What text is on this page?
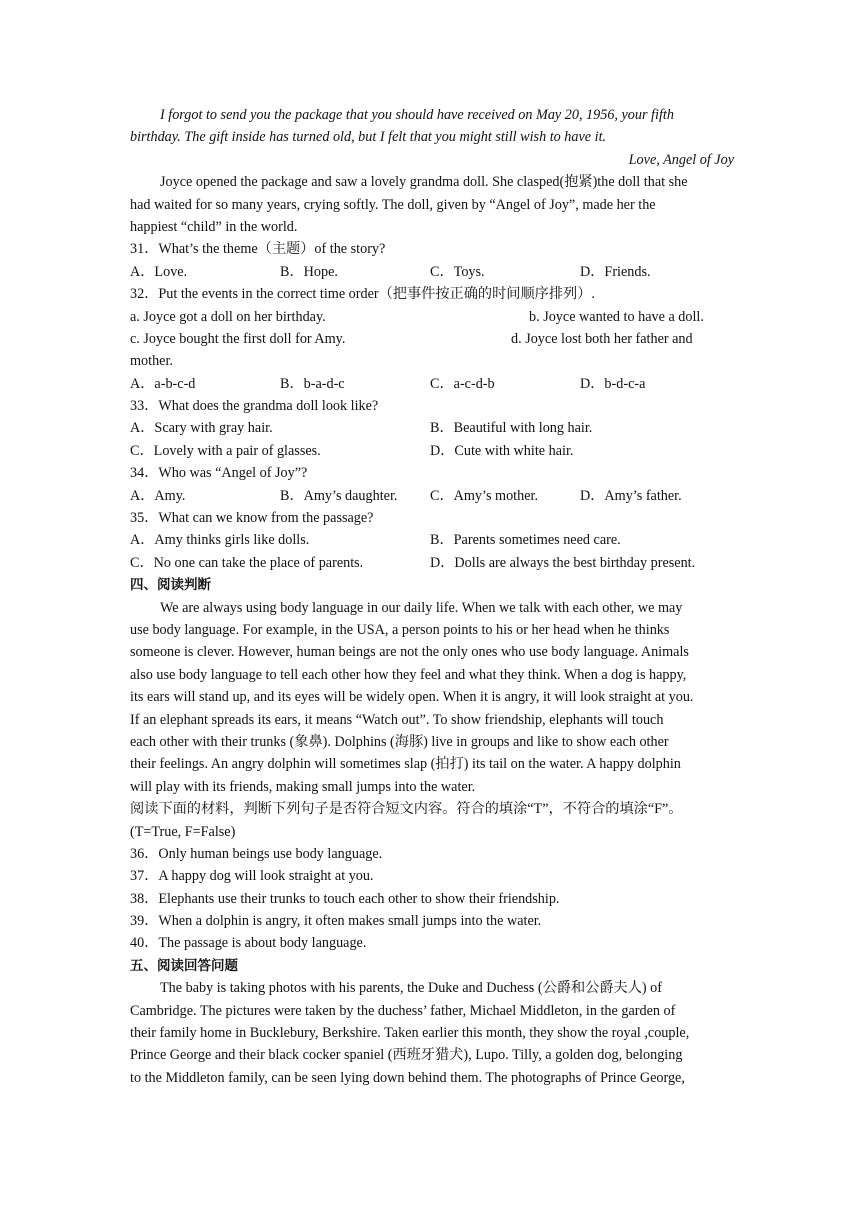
I forgot to send you the package that you should have received on May 20, 1956, your fifth
birthday. The gift inside has turned old, but I felt that you might still wish to have it.
Love, Angel of Joy
Joyce opened the package and saw a lovely grandma doll. She clasped(抱紧)the doll that she
had waited for so many years, crying softly. The doll, given by “Angel of Joy”, made her the
happiest “child” in the world.
31．What’s the theme（主题）of the story?
A．Love.	B．Hope.	C．Toys.	D．Friends.
32．Put the events in the correct time order（把事件按正确的时间顺序排列）.
a. Joyce got a doll on her birthday.	b. Joyce wanted to have a doll.
c. Joyce bought the first doll for Amy.	d. Joyce lost both her father and
mother.
A．a-b-c-d	B．b-a-d-c	C．a-c-d-b	D．b-d-c-a
33．What does the grandma doll look like?
A．Scary with gray hair.	B．Beautiful with long hair.
C．Lovely with a pair of glasses.	D．Cute with white hair.
34．Who was “Angel of Joy”?
A．Amy.	B．Amy’s daughter. C．Amy’s mother.	D．Amy’s father.
35．What can we know from the passage?
A．Amy thinks girls like dolls.	B．Parents sometimes need care.
C．No one can take the place of parents.	D．Dolls are always the best birthday present.
四、阅读判断
We are always using body language in our daily life. When we talk with each other, we may
use body language. For example, in the USA, a person points to his or her head when he thinks
someone is clever. However, human beings are not the only ones who use body language. Animals
also use body language to tell each other how they feel and what they think. When a dog is happy,
its ears will stand up, and its eyes will be widely open. When it is angry, it will look straight at you.
If an elephant spreads its ears, it means “Watch out”. To show friendship, elephants will touch
each other with their trunks (象鼻). Dolphins (海豚) live in groups and like to show each other
their feelings. An angry dolphin will sometimes slap (拍打) its tail on the water. A happy dolphin
will play with its friends, making small jumps into the water.
阅读下面的材料，判断下列句子是否符合短文内容。符合的填涂“T”，不符合的填涂“F”。
(T=True, F=False)
36．Only human beings use body language.
37．A happy dog will look straight at you.
38．Elephants use their trunks to touch each other to show their friendship.
39．When a dolphin is angry, it often makes small jumps into the water.
40．The passage is about body language.
五、阅读回答问题
The baby is taking photos with his parents, the Duke and Duchess (公爵和公爵夫人) of
Cambridge. The pictures were taken by the duchess’ father, Michael Middleton, in the garden of
their family home in Bucklebury, Berkshire. Taken earlier this month, they show the royal ,couple,
Prince George and their black cocker spaniel (西班牙猎犬), Lupo. Tilly, a golden dog, belonging
to the Middleton family, can be seen lying down behind them. The photographs of Prince George,
